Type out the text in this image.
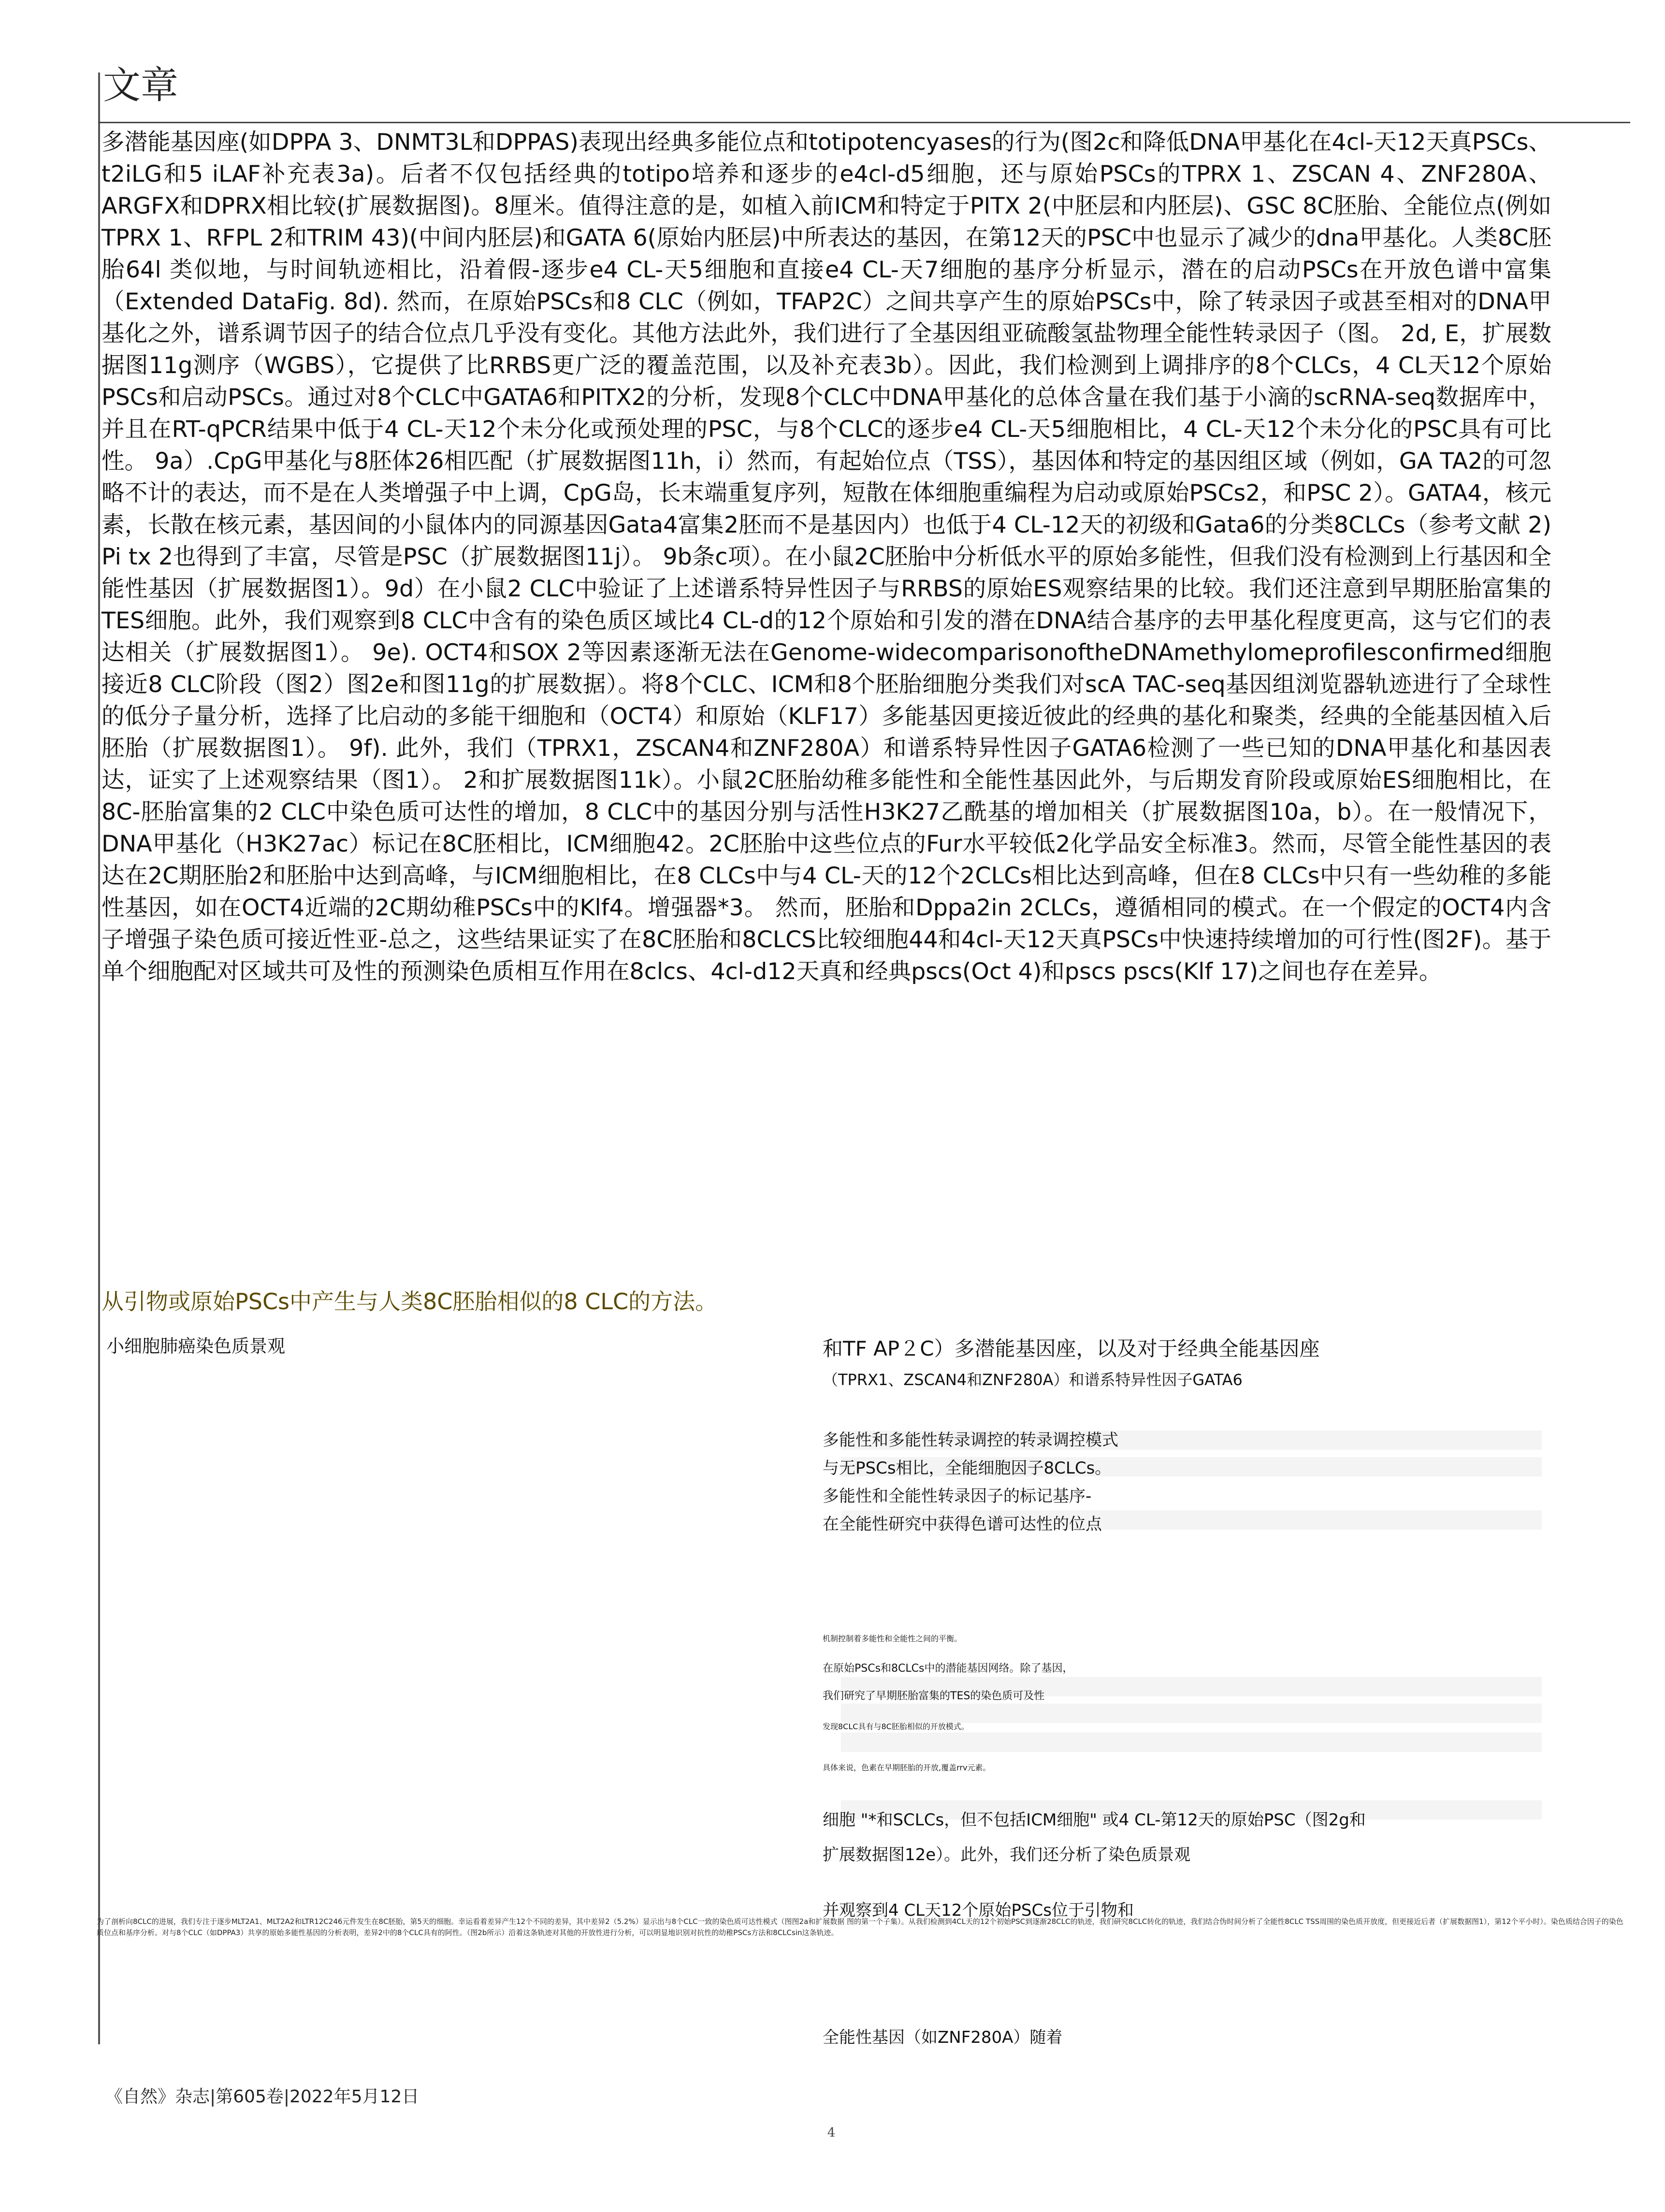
文章
多潜能基因座(如DPPA 3、DNMT3L和DPPAS)表现出经典多能位点和totipotencyases的行为(图2c和降低DNA甲基化在4cl-天12天真PSCs、t2iLG和5 iLAF补充表3a)。后者不仅包括经典的totipo培养和逐步的e4cl-d5细胞，还与原始PSCs的TPRX 1、ZSCAN 4、ZNF280A、ARGFX和DPRX相比较(扩展数据图)。8厘米。值得注意的是，如植入前ICM和特定于PITX 2(中胚层和内胚层)、GSC 8C胚胎、全能位点(例如TPRX 1、RFPL 2和TRIM 43)(中间内胚层)和GATA 6(原始内胚层)中所表达的基因，在第12天的PSC中也显示了减少的dna甲基化。人类8C胚胎64l 类似地，与时间轨迹相比，沿着假-逐步e4 CL-天5细胞和直接e4 CL-天7细胞的基序分析显示，潜在的启动PSCs在开放色谱中富集（Extended DataFig. 8d). 然而，在原始PSCs和8 CLC（例如，TFAP2C）之间共享产生的原始PSCs中，除了转录因子或甚至相对的DNA甲基化之外，谱系调节因子的结合位点几乎没有变化。其他方法此外，我们进行了全基因组亚硫酸氢盐物理全能性转录因子（图。 2d, E，扩展数据图11g测序（WGBS），它提供了比RRBS更广泛的覆盖范围，以及补充表3b）。因此，我们检测到上调排序的8个CLCs，4 CL天12个原始PSCs和启动PSCs。通过对8个CLC中GATA6和PITX2的分析，发现8个CLC中DNA甲基化的总体含量在我们基于小滴的scRNA-seq数据库中，并且在RT-qPCR结果中低于4 CL-天12个未分化或预处理的PSC，与8个CLC的逐步e4 CL-天5细胞相比，4 CL-天12个未分化的PSC具有可比性。 9a）.CpG甲基化与8胚体26相匹配（扩展数据图11h，i）然而，有起始位点（TSS），基因体和特定的基因组区域（例如，GA TA2的可忽略不计的表达，而不是在人类增强子中上调，CpG岛，长末端重复序列，短散在体细胞重编程为启动或原始PSCs2，和PSC 2）。GATA4，核元素，长散在核元素，基因间的小鼠体内的同源基因Gata4富集2胚而不是基因内）也低于4 CL-12天的初级和Gata6的分类8CLCs（参考文献 2) Pi tx 2也得到了丰富，尽管是PSC（扩展数据图11j）。 9b条c项）。在小鼠2C胚胎中分析低水平的原始多能性，但我们没有检测到上行基因和全能性基因（扩展数据图1）。9d）在小鼠2 CLC中验证了上述谱系特异性因子与RRBS的原始ES观察结果的比较。我们还注意到早期胚胎富集的TES细胞。此外，我们观察到8 CLC中含有的染色质区域比4 CL-d的12个原始和引发的潜在DNA结合基序的去甲基化程度更高，这与它们的表达相关（扩展数据图1）。 9e). OCT4和SOX 2等因素逐渐无法在Genome-widecomparisonoftheDNAmethylomeprofilesconfirmed细胞接近8 CLC阶段（图2）图2e和图11g的扩展数据）。将8个CLC、ICM和8个胚胎细胞分类我们对scA TAC-seq基因组浏览器轨迹进行了全球性的低分子量分析，选择了比启动的多能干细胞和（OCT4）和原始（KLF17）多能基因更接近彼此的经典的基化和聚类，经典的全能基因植入后胚胎（扩展数据图1）。 9f). 此外，我们（TPRX1，ZSCAN4和ZNF280A）和谱系特异性因子GATA6检测了一些已知的DNA甲基化和基因表达，证实了上述观察结果（图1）。 2和扩展数据图11k）。小鼠2C胚胎幼稚多能性和全能性基因此外，与后期发育阶段或原始ES细胞相比，在8C-胚胎富集的2 CLC中染色质可达性的增加，8 CLC中的基因分别与活性H3K27乙酰基的增加相关（扩展数据图10a，b）。在一般情况下，DNA甲基化（H3K27ac）标记在8C胚相比，ICM细胞42。2C胚胎中这些位点的Fur水平较低2化学品安全标准3。然而，尽管全能性基因的表达在2C期胚胎2和胚胎中达到高峰，与ICM细胞相比，在8 CLCs中与4 CL-天的12个2CLCs相比达到高峰，但在8 CLCs中只有一些幼稚的多能性基因，如在OCT4近端的2C期幼稚PSCs中的Klf4。增强器*3。 然而，胚胎和Dppa2in 2CLCs，遵循相同的模式。在一个假定的OCT4内含子增强子染色质可接近性亚-总之，这些结果证实了在8C胚胎和8CLCS比较细胞44和4cl-天12天真PSCs中快速持续增加的可行性(图2F)。基于单个细胞配对区域共可及性的预测染色质相互作用在8clcs、4cl-d12天真和经典pscs(Oct 4)和pscs pscs(Klf 17)之间也存在差异。
从引物或原始PSCs中产生与人类8C胚胎相似的8 CLC的方法。
小细胞肺癌染色质景观	和TF AP２C）多潜能基因座，以及对于经典全能基因座
（TPRX1、ZSCAN4和ZNF280A）和谱系特异性因子GATA6
多能性和多能性转录调控的转录调控模式
与无PSCs相比，全能细胞因子8CLCs。
多能性和全能性转录因子的标记基序-
在全能性研究中获得色谱可达性的位点
机制控制着多能性和全能性之间的平衡。
在原始PSCs和8CLCs中的潜能基因网络。除了基因，
我们研究了早期胚胎富集的TES的染色质可及性
发现8CLC具有与8C胚胎相似的开放模式。
具体来说，色素在早期胚胎的开放,覆盖rrv元素。
细胞 "*和SCLCs，但不包括ICM细胞" 或4 CL-第12天的原始PSC（图2g和
扩展数据图12e）。此外，我们还分析了染色质景观
并观察到4 CL天12个原始PSCs位于引物和
全能性基因（如ZNF280A）随着
为了剖析向8CLC的进展，我们专注于逐步MLT2A1、MLT2A2和LTR12C246元件发生在8C胚胎，第5天的细胞。幸运看着差异产生12个不同的差异，其中差异2（5.2%）显示出与8个CLC一致的染色质可达性模式（图图2a和扩展数据 图的第一个子集）。从我们检测到4CL天的12个初始PSC到逐渐28CLC的轨迹，我们研究8CLC转化的轨迹，我们结合伪时间分析了全能性8CLC TSS周围的染色质开放度，但更接近后者（扩展数据图1），第12个平小时）。染色质结合因子的染色质位点和基序分析。对与8个CLC（如DPPA3）共享的原始多能性基因的分析表明，差异2中的8个CLC具有的阿性。（图2b所示）沿着这条轨迹对其他的开放性进行分析，可以明显地识别对抗性的幼稚PSCs方法和8CLCsin这条轨迹。
《自然》杂志|第605卷|2022年5月12日
4
